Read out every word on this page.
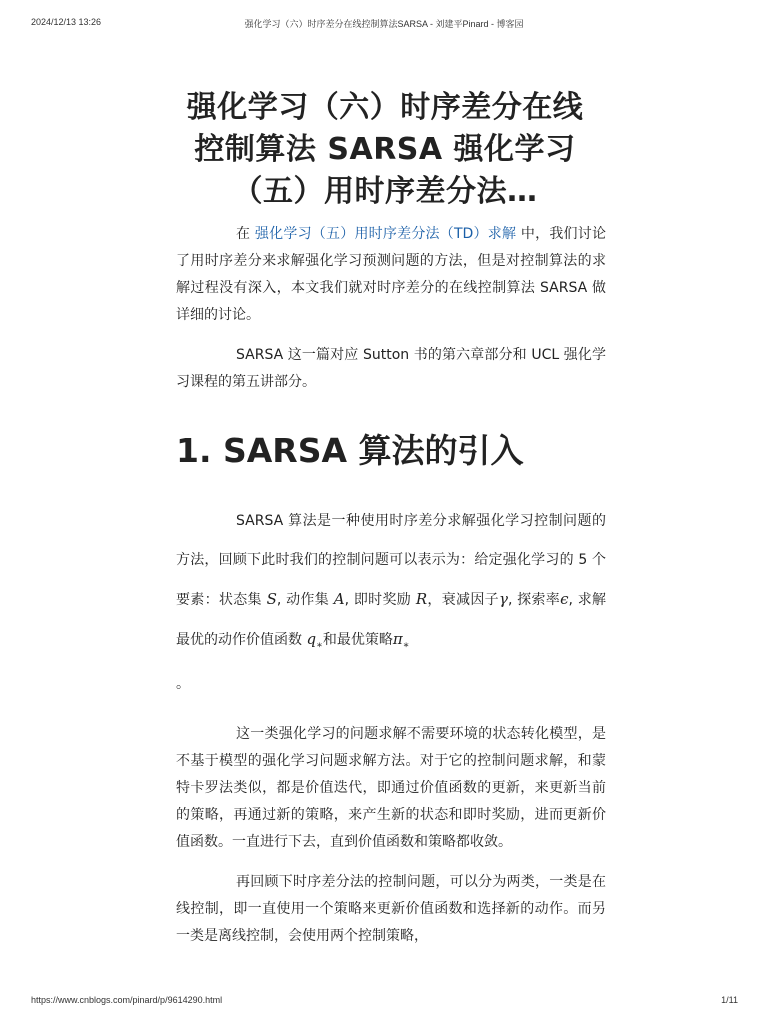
2024/12/13 13:26	强化学习（六）时序差分在线控制算法SARSA - 刘建平Pinard - 博客园
强化学习（六）时序差分在线控制算法 SARSA 强化学习（五）用时序差分法…

在 强化学习（五）用时序差分法（TD）求解 中，我们讨论了用时序差分来求解强化学习预测问题的方法，但是对控制算法的求解过程没有深入，本文我们就对时序差分的在线控制算法 SARSA 做详细的讨论。

SARSA 这一篇对应 Sutton 书的第六章部分和 UCL 强化学习课程的第五讲部分。

1. SARSA 算法的引入

SARSA 算法是一种使用时序差分求解强化学习控制问题的方法，回顾下此时我们的控制问题可以表示为：给定强化学习的 5 个要素：状态集 S, 动作集 A, 即时奖励 R，衰减因子γ, 探索率ϵ, 求解最优的动作价值函数 $q_∗$和最优策略$\pi_∗$
。

这一类强化学习的问题求解不需要环境的状态转化模型，是不基于模型的强化学习问题求解方法。对于它的控制问题求解，和蒙特卡罗法类似，都是价值迭代，即通过价值函数的更新，来更新当前的策略，再通过新的策略，来产生新的状态和即时奖励，进而更新价值函数。一直进行下去，直到价值函数和策略都收敛。

再回顾下时序差分法的控制问题，可以分为两类，一类是在线控制，即一直使用一个策略来更新价值函数和选择新的动作。而另一类是离线控制，会使用两个控制策略，

https://www.cnblogs.com/pinard/p/9614290.html	1/11
